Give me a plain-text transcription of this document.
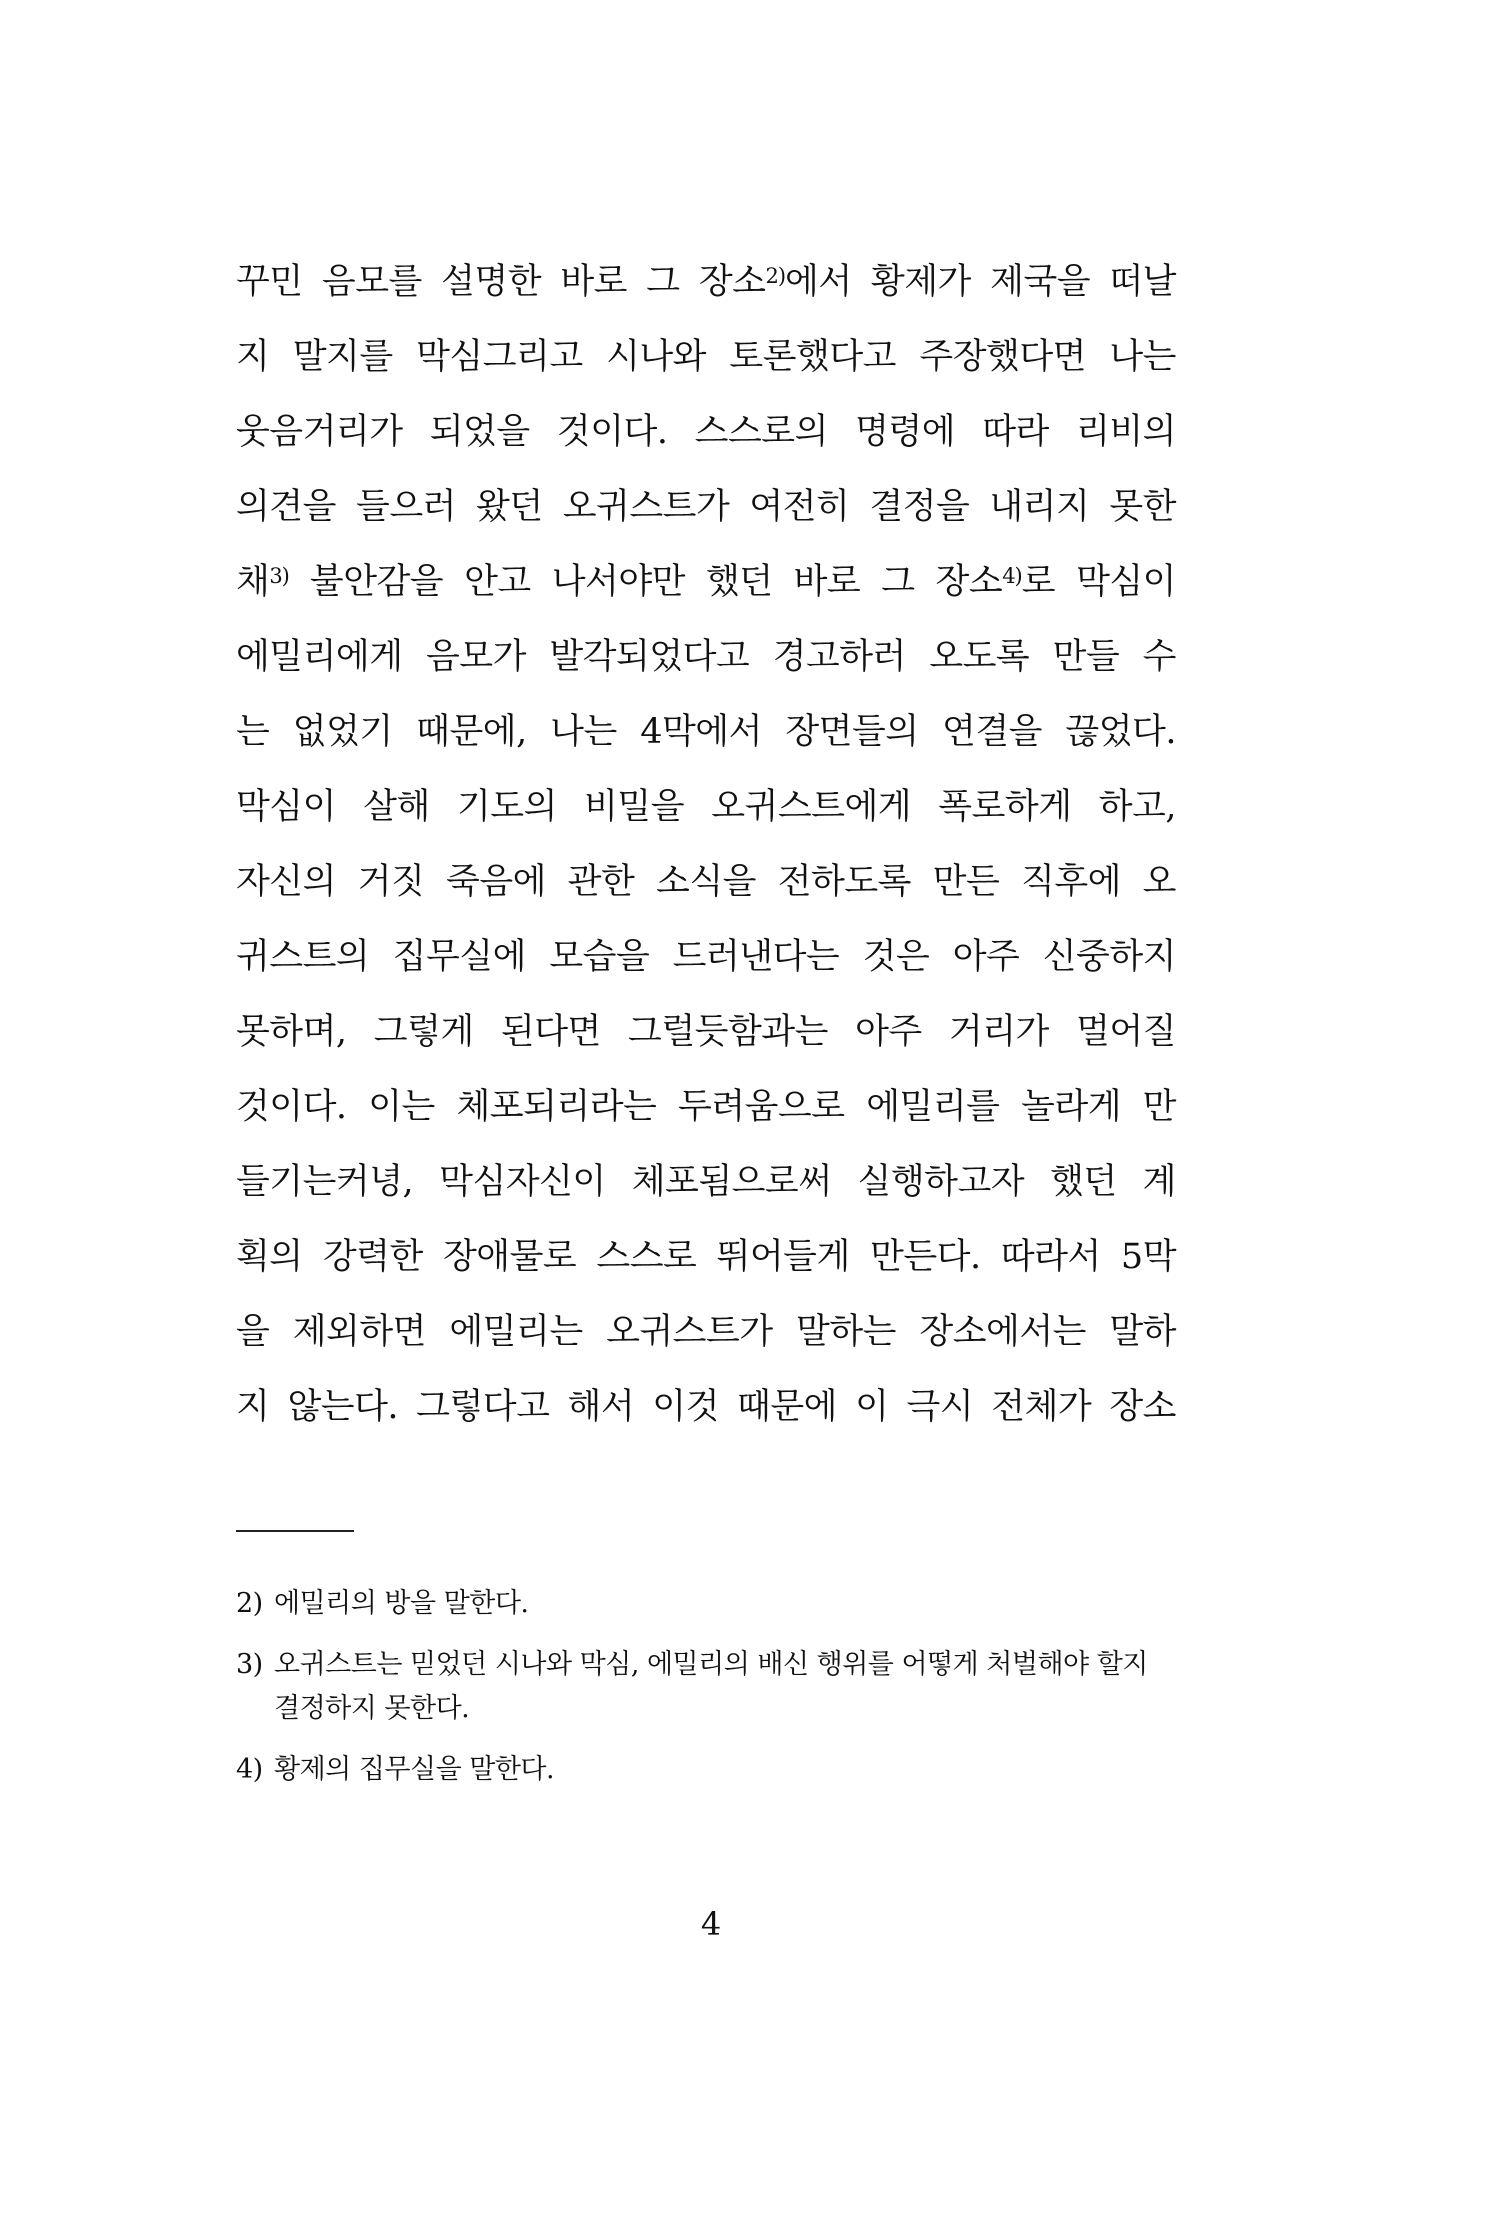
꾸민 음모를 설명한 바로 그 장소$^{2)}$에서 황제가 제국을 떠날
지 말지를 막심그리고 시나와 토론했다고 주장했다면 나는
웃음거리가 되었을 것이다. 스스로의 명령에 따라 리비의
의견을 들으러 왔던 오귀스트가 여전히 결정을 내리지 못한
채$^{3)}$ 불안감을 안고 나서야만 했던 바로 그 장소$^{4)}$로 막심이
에밀리에게 음모가 발각되었다고 경고하러 오도록 만들 수
는 없었기 때문에, 나는 4막에서 장면들의 연결을 끊었다.
막심이 살해 기도의 비밀을 오귀스트에게 폭로하게 하고,
자신의 거짓 죽음에 관한 소식을 전하도록 만든 직후에 오
귀스트의 집무실에 모습을 드러낸다는 것은 아주 신중하지
못하며, 그렇게 된다면 그럴듯함과는 아주 거리가 멀어질
것이다. 이는 체포되리라는 두려움으로 에밀리를 놀라게 만
들기는커녕, 막심자신이 체포됨으로써 실행하고자 했던 계
획의 강력한 장애물로 스스로 뛰어들게 만든다. 따라서 5막
을 제외하면 에밀리는 오귀스트가 말하는 장소에서는 말하
지 않는다. 그렇다고 해서 이것 때문에 이 극시 전체가 장소

2) 에밀리의 방을 말한다.

3) 오귀스트는 믿었던 시나와 막심, 에밀리의 배신 행위를 어떻게 처벌해야 할지 결정하지 못한다.

4) 황제의 집무실을 말한다.

4
